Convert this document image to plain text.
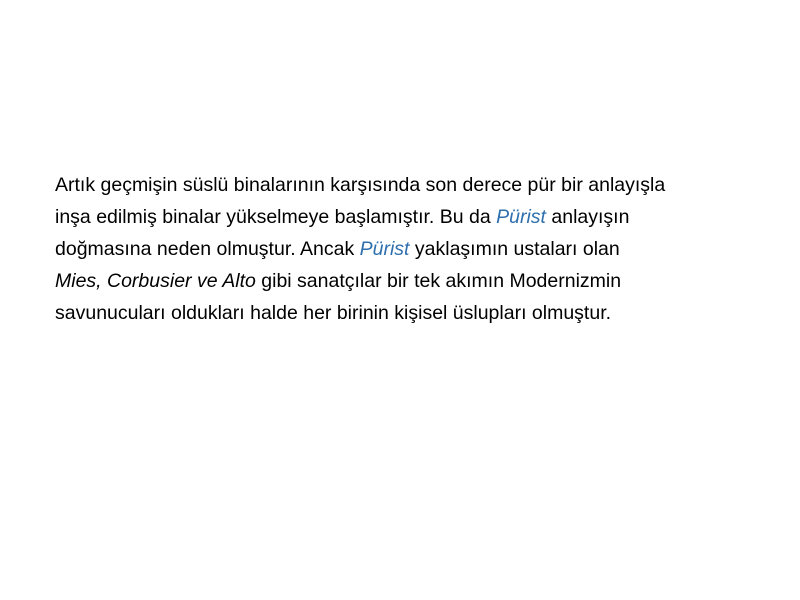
Artık geçmişin süslü binalarının karşısında son derece pür bir anlayışla
inşa edilmiş binalar yükselmeye başlamıştır. Bu da Pürist anlayışın
doğmasına neden olmuştur. Ancak Pürist yaklaşımın ustaları olan
Mies, Corbusier ve Alto gibi sanatçılar bir tek akımın Modernizmin
savunucuları oldukları halde her birinin kişisel üslupları olmuştur.
